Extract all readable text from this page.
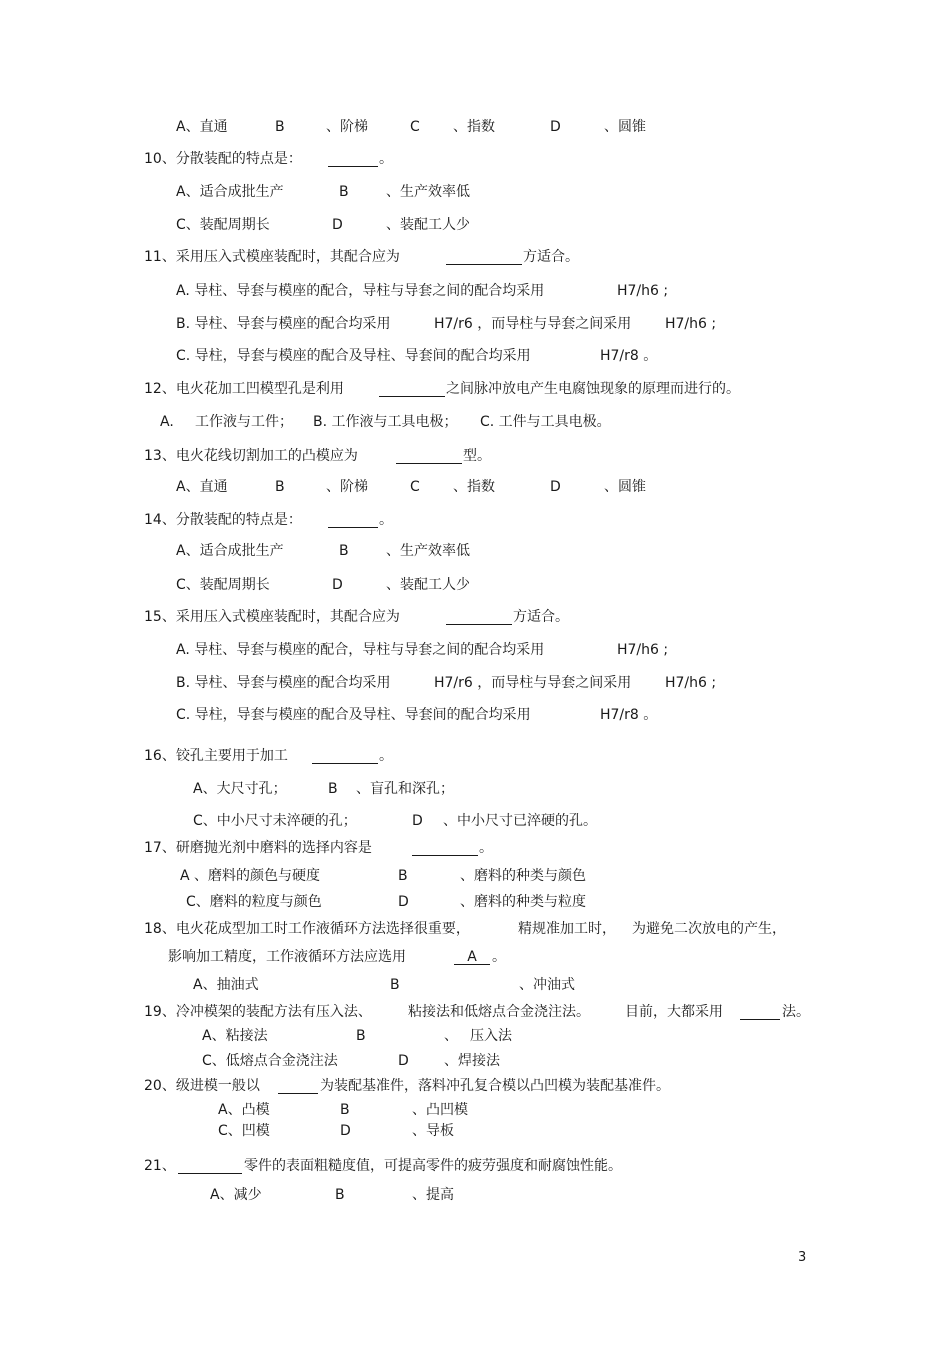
A、直通	B	、阶梯	C 、指数	D	、圆锥
10、分散装配的特点是：	。
A、适合成批生产	B	、生产效率低
C、装配周期长	D	、装配工人少
11、采用压入式模座装配时，其配合应为	方适合。
A. 导柱、导套与模座的配合，导柱与导套之间的配合均采用	H7/h6 ;
B. 导柱、导套与模座的配合均采用	H7/r6 ，而导柱与导套之间采用 H7/h6 ;
C. 导柱，导套与模座的配合及导柱、导套间的配合均采用	H7/r8 。
12、电火花加工凹模型孔是利用	之间脉冲放电产生电腐蚀现象的原理而进行的。
A. 工作液与工件； B. 工作液与工具电极； C. 工件与工具电极。
13、电火花线切割加工的凸模应为	型。
A、直通	B	、阶梯	C 、指数	D	、圆锥
14、分散装配的特点是：	。
A、适合成批生产	B	、生产效率低
C、装配周期长	D	、装配工人少
15、采用压入式模座装配时，其配合应为	方适合。
A. 导柱、导套与模座的配合，导柱与导套之间的配合均采用	H7/h6 ;
B. 导柱、导套与模座的配合均采用	H7/r6 ，而导柱与导套之间采用 H7/h6 ;
C. 导柱，导套与模座的配合及导柱、导套间的配合均采用	H7/r8 。
16、铰孔主要用于加工	。
A、大尺寸孔；	B 、盲孔和深孔；
C、中小尺寸未淬硬的孔；	D 、中小尺寸已淬硬的孔。
17、研磨抛光剂中磨料的选择内容是	。
A 、磨料的颜色与硬度	B	、磨料的种类与颜色
C、磨料的粒度与颜色	D	、磨料的种类与粒度
18、电火花成型加工时工作液循环方法选择很重要，	精规准加工时， 为避免二次放电的产生，
影响加工精度，工作液循环方法应选用	。
A
A、抽油式	B	、冲油式
19、冷冲模架的装配方法有压入法、	粘接法和低熔点合金浇注法。	目前，大都采用	法。
A、粘接法	B	、 压入法
C、低熔点合金浇注法	D	、焊接法
20、级进模一般以	为装配基准件，落料冲孔复合模以凸凹模为装配基准件。
A、凸模	B	、凸凹模
C、凹模	D	、导板
21、	零件的表面粗糙度值，可提高零件的疲劳强度和耐腐蚀性能。
A、减少	B	、提高
3
